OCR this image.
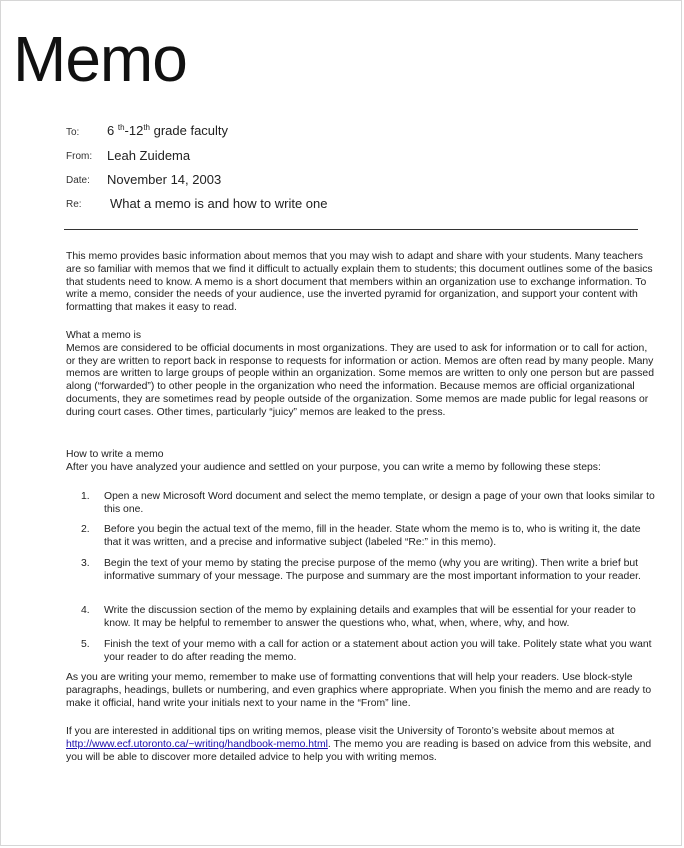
Memo
To: 6 $^{th}$-12th grade faculty
From: Leah Zuidema
Date: November 14, 2003
Re: What a memo is and how to write one

This memo provides basic information about memos that you may wish to adapt and share with your students. Many teachers are so familiar with memos that we find it difficult to actually explain them to students; this document outlines some of the basics that students need to know. A memo is a short document that members within an organization use to exchange information. To write a memo, consider the needs of your audience, use the inverted pyramid for organization, and support your content with formatting that makes it easy to read.

What a memo is

Memos are considered to be official documents in most organizations. They are used to ask for information or to call for action, or they are written to report back in response to requests for information or action. Memos are often read by many people. Many memos are written to large groups of people within an organization. Some memos are written to only one person but are passed along (“forwarded”) to other people in the organization who need the information. Because memos are official organizational documents, they are sometimes read by people outside of the organization. Some memos are made public for legal reasons or during court cases. Other times, particularly “juicy” memos are leaked to the press.

How to write a memo

After you have analyzed your audience and settled on your purpose, you can write a memo by following these steps:

1. Open a new Microsoft Word document and select the memo template, or design a page of your own that looks similar to this one.
2. Before you begin the actual text of the memo, fill in the header. State whom the memo is to, who is writing it, the date that it was written, and a precise and informative subject (labeled “Re:” in this memo).
3. Begin the text of your memo by stating the precise purpose of the memo (why you are writing). Then write a brief but informative summary of your message. The purpose and summary are the most important information to your reader.
4. Write the discussion section of the memo by explaining details and examples that will be essential for your reader to know. It may be helpful to remember to answer the questions who, what, when, where, why, and how.
5. Finish the text of your memo with a call for action or a statement about action you will take. Politely state what you want your reader to do after reading the memo.

As you are writing your memo, remember to make use of formatting conventions that will help your readers. Use block-style paragraphs, headings, bullets or numbering, and even graphics where appropriate. When you finish the memo and are ready to make it official, hand write your initials next to your name in the “From” line.

If you are interested in additional tips on writing memos, please visit the University of Toronto’s website about memos at http://www.ecf.utoronto.ca/~writing/handbook-memo.html. The memo you are reading is based on advice from this website, and you will be able to discover more detailed advice to help you with writing memos.
